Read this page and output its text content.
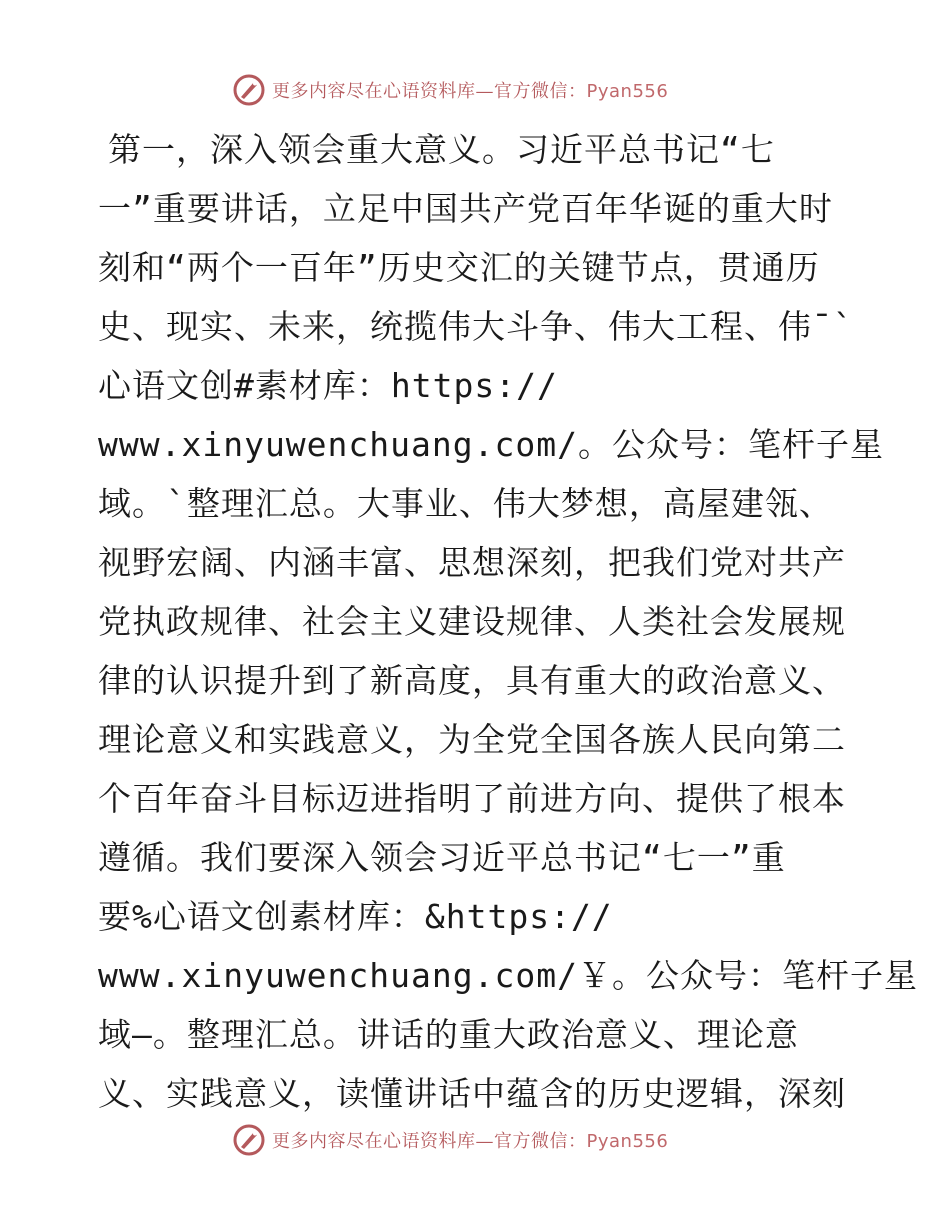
更多内容尽在心语资料库—官方微信：Pyan556
第一，深入领会重大意义。习近平总书记“七
一”重要讲话，立足中国共产党百年华诞的重大时
刻和“两个一百年”历史交汇的关键节点，贯通历
史、现实、未来，统揽伟大斗争、伟大工程、伟¯`
心语文创#素材库：https://
www.xinyuwenchuang.com/。公众号：笔杆子星
域。`整理汇总。大事业、伟大梦想，高屋建瓴、
视野宏阔、内涵丰富、思想深刻，把我们党对共产
党执政规律、社会主义建设规律、人类社会发展规
律的认识提升到了新高度，具有重大的政治意义、
理论意义和实践意义，为全党全国各族人民向第二
个百年奋斗目标迈进指明了前进方向、提供了根本
遵循。我们要深入领会习近平总书记“七一”重
要%心语文创素材库：&https://
www.xinyuwenchuang.com/￥。公众号：笔杆子星
域—。整理汇总。讲话的重大政治意义、理论意
义、实践意义，读懂讲话中蕴含的历史逻辑，深刻
更多内容尽在心语资料库—官方微信：Pyan556
